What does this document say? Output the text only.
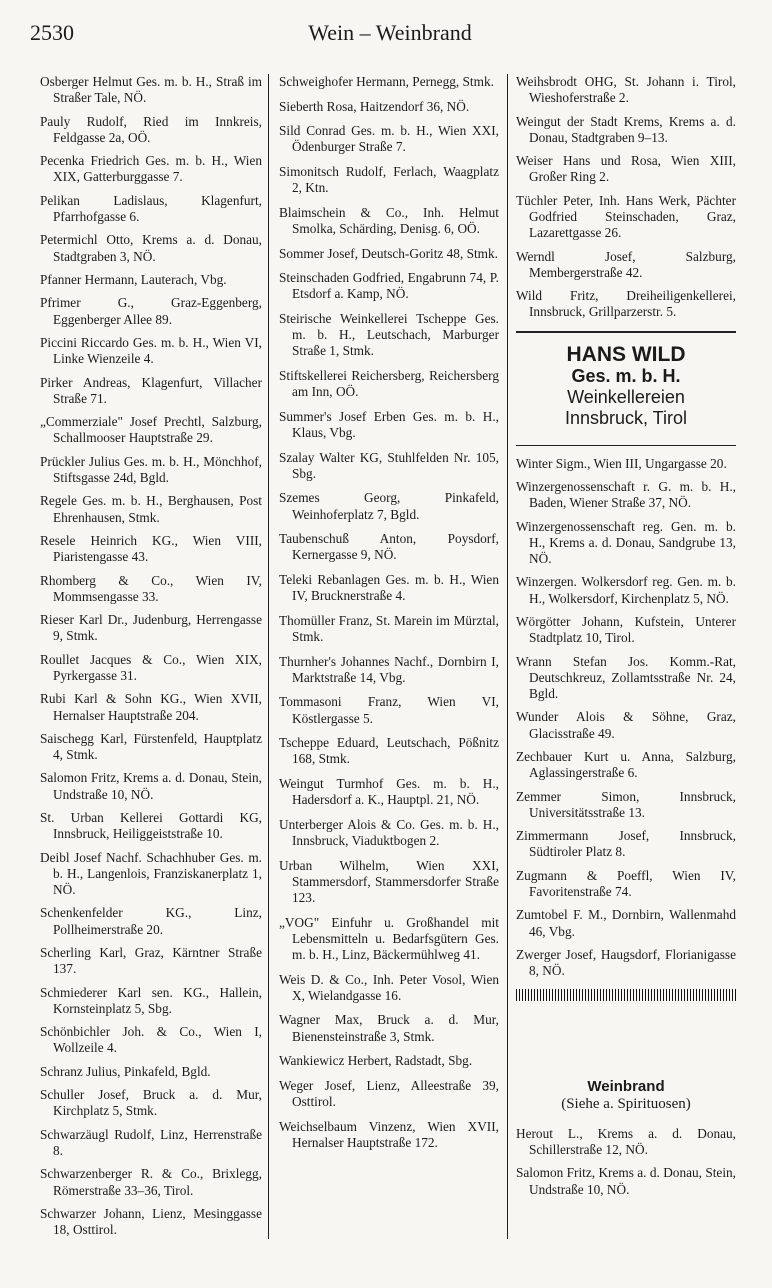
2530	Wein – Weinbrand
Osberger Helmut Ges. m. b. H., Straß im Straßer Tale, NÖ.
Pauly Rudolf, Ried im Innkreis, Feldgasse 2a, OÖ.
Pecenka Friedrich Ges. m. b. H., Wien XIX, Gatterburggasse 7.
Pelikan Ladislaus, Klagenfurt, Pfarrhofgasse 6.
Petermichl Otto, Krems a. d. Donau, Stadtgraben 3, NÖ.
Pfanner Hermann, Lauterach, Vbg.
Pfrimer G., Graz-Eggenberg, Eggenberger Allee 89.
Piccini Riccardo Ges. m. b. H., Wien VI, Linke Wienzeile 4.
Pirker Andreas, Klagenfurt, Villacher Straße 71.
„Commerziale" Josef Prechtl, Salzburg, Schallmooser Hauptstraße 29.
Prückler Julius Ges. m. b. H., Mönchhof, Stiftsgasse 24d, Bgld.
Regele Ges. m. b. H., Berghausen, Post Ehrenhausen, Stmk.
Resele Heinrich KG., Wien VIII, Piaristengasse 43.
Rhomberg & Co., Wien IV, Mommsengasse 33.
Rieser Karl Dr., Judenburg, Herrengasse 9, Stmk.
Roullet Jacques & Co., Wien XIX, Pyrkergasse 31.
Rubi Karl & Sohn KG., Wien XVII, Hernalser Hauptstraße 204.
Saischegg Karl, Fürstenfeld, Hauptplatz 4, Stmk.
Salomon Fritz, Krems a. d. Donau, Stein, Undstraße 10, NÖ.
St. Urban Kellerei Gottardi KG, Innsbruck, Heiliggeiststraße 10.
Deibl Josef Nachf. Schachhuber Ges. m. b. H., Langenlois, Franziskanerplatz 1, NÖ.
Schenkenfelder KG., Linz, Pollheimerstraße 20.
Scherling Karl, Graz, Kärntner Straße 137.
Schmiederer Karl sen. KG., Hallein, Kornsteinplatz 5, Sbg.
Schönbichler Joh. & Co., Wien I, Wollzeile 4.
Schranz Julius, Pinkafeld, Bgld.
Schuller Josef, Bruck a. d. Mur, Kirchplatz 5, Stmk.
Schwarzäugl Rudolf, Linz, Herrenstraße 8.
Schwarzenberger R. & Co., Brixlegg, Römerstraße 33–36, Tirol.
Schwarzer Johann, Lienz, Mesinggasse 18, Osttirol.
Schweighofer Hermann, Pernegg, Stmk.
Sieberth Rosa, Haitzendorf 36, NÖ.
Sild Conrad Ges. m. b. H., Wien XXI, Ödenburger Straße 7.
Simonitsch Rudolf, Ferlach, Waagplatz 2, Ktn.
Blaimschein & Co., Inh. Helmut Smolka, Schärding, Denisg. 6, OÖ.
Sommer Josef, Deutsch-Goritz 48, Stmk.
Steinschaden Godfried, Engabrunn 74, P. Etsdorf a. Kamp, NÖ.
Steirische Weinkellerei Tscheppe Ges. m. b. H., Leutschach, Marburger Straße 1, Stmk.
Stiftskellerei Reichersberg, Reichersberg am Inn, OÖ.
Summer's Josef Erben Ges. m. b. H., Klaus, Vbg.
Szalay Walter KG, Stuhlfelden Nr. 105, Sbg.
Szemes Georg, Pinkafeld, Weinhoferplatz 7, Bgld.
Taubenschuß Anton, Poysdorf, Kernergasse 9, NÖ.
Teleki Rebanlagen Ges. m. b. H., Wien IV, Brucknerstraße 4.
Thomüller Franz, St. Marein im Mürztal, Stmk.
Thurnher's Johannes Nachf., Dornbirn I, Marktstraße 14, Vbg.
Tommasoni Franz, Wien VI, Köstlergasse 5.
Tscheppe Eduard, Leutschach, Pößnitz 168, Stmk.
Weingut Turmhof Ges. m. b. H., Hadersdorf a. K., Hauptpl. 21, NÖ.
Unterberger Alois & Co. Ges. m. b. H., Innsbruck, Viaduktbogen 2.
Urban Wilhelm, Wien XXI, Stammersdorf, Stammersdorfer Straße 123.
„VOG" Einfuhr u. Großhandel mit Lebensmitteln u. Bedarfsgütern Ges. m. b. H., Linz, Bäckermühlweg 41.
Weis D. & Co., Inh. Peter Vosol, Wien X, Wielandgasse 16.
Wagner Max, Bruck a. d. Mur, Bienensteinstraße 3, Stmk.
Wankiewicz Herbert, Radstadt, Sbg.
Weger Josef, Lienz, Alleestraße 39, Osttirol.
Weichselbaum Vinzenz, Wien XVII, Hernalser Hauptstraße 172.
Weihsbrodt OHG, St. Johann i. Tirol, Wieshoferstraße 2.
Weingut der Stadt Krems, Krems a. d. Donau, Stadtgraben 9–13.
Weiser Hans und Rosa, Wien XIII, Großer Ring 2.
Tüchler Peter, Inh. Hans Werk, Pächter Godfried Steinschaden, Graz, Lazarettgasse 26.
Werndl Josef, Salzburg, Membergerstraße 42.
Wild Fritz, Dreiheiligenkellerei, Innsbruck, Grillparzerstr. 5.
HANS WILD
Ges. m. b. H.
Weinkellereien
Innsbruck, Tirol
Winter Sigm., Wien III, Ungargasse 20.
Winzergenossenschaft r. G. m. b. H., Baden, Wiener Straße 37, NÖ.
Winzergenossenschaft reg. Gen. m. b. H., Krems a. d. Donau, Sandgrube 13, NÖ.
Winzergen. Wolkersdorf reg. Gen. m. b. H., Wolkersdorf, Kirchenplatz 5, NÖ.
Wörgötter Johann, Kufstein, Unterer Stadtplatz 10, Tirol.
Wrann Stefan Jos. Komm.-Rat, Deutschkreuz, Zollamtsstraße Nr. 24, Bgld.
Wunder Alois & Söhne, Graz, Glacisstraße 49.
Zechbauer Kurt u. Anna, Salzburg, Aglassingerstraße 6.
Zemmer Simon, Innsbruck, Universitätsstraße 13.
Zimmermann Josef, Innsbruck, Südtiroler Platz 8.
Zugmann & Poeffl, Wien IV, Favoritenstraße 74.
Zumtobel F. M., Dornbirn, Wallenmahd 46, Vbg.
Zwerger Josef, Haugsdorf, Florianigasse 8, NÖ.
Weinbrand
(Siehe a. Spirituosen)
Herout L., Krems a. d. Donau, Schillerstraße 12, NÖ.
Salomon Fritz, Krems a. d. Donau, Stein, Undstraße 10, NÖ.
